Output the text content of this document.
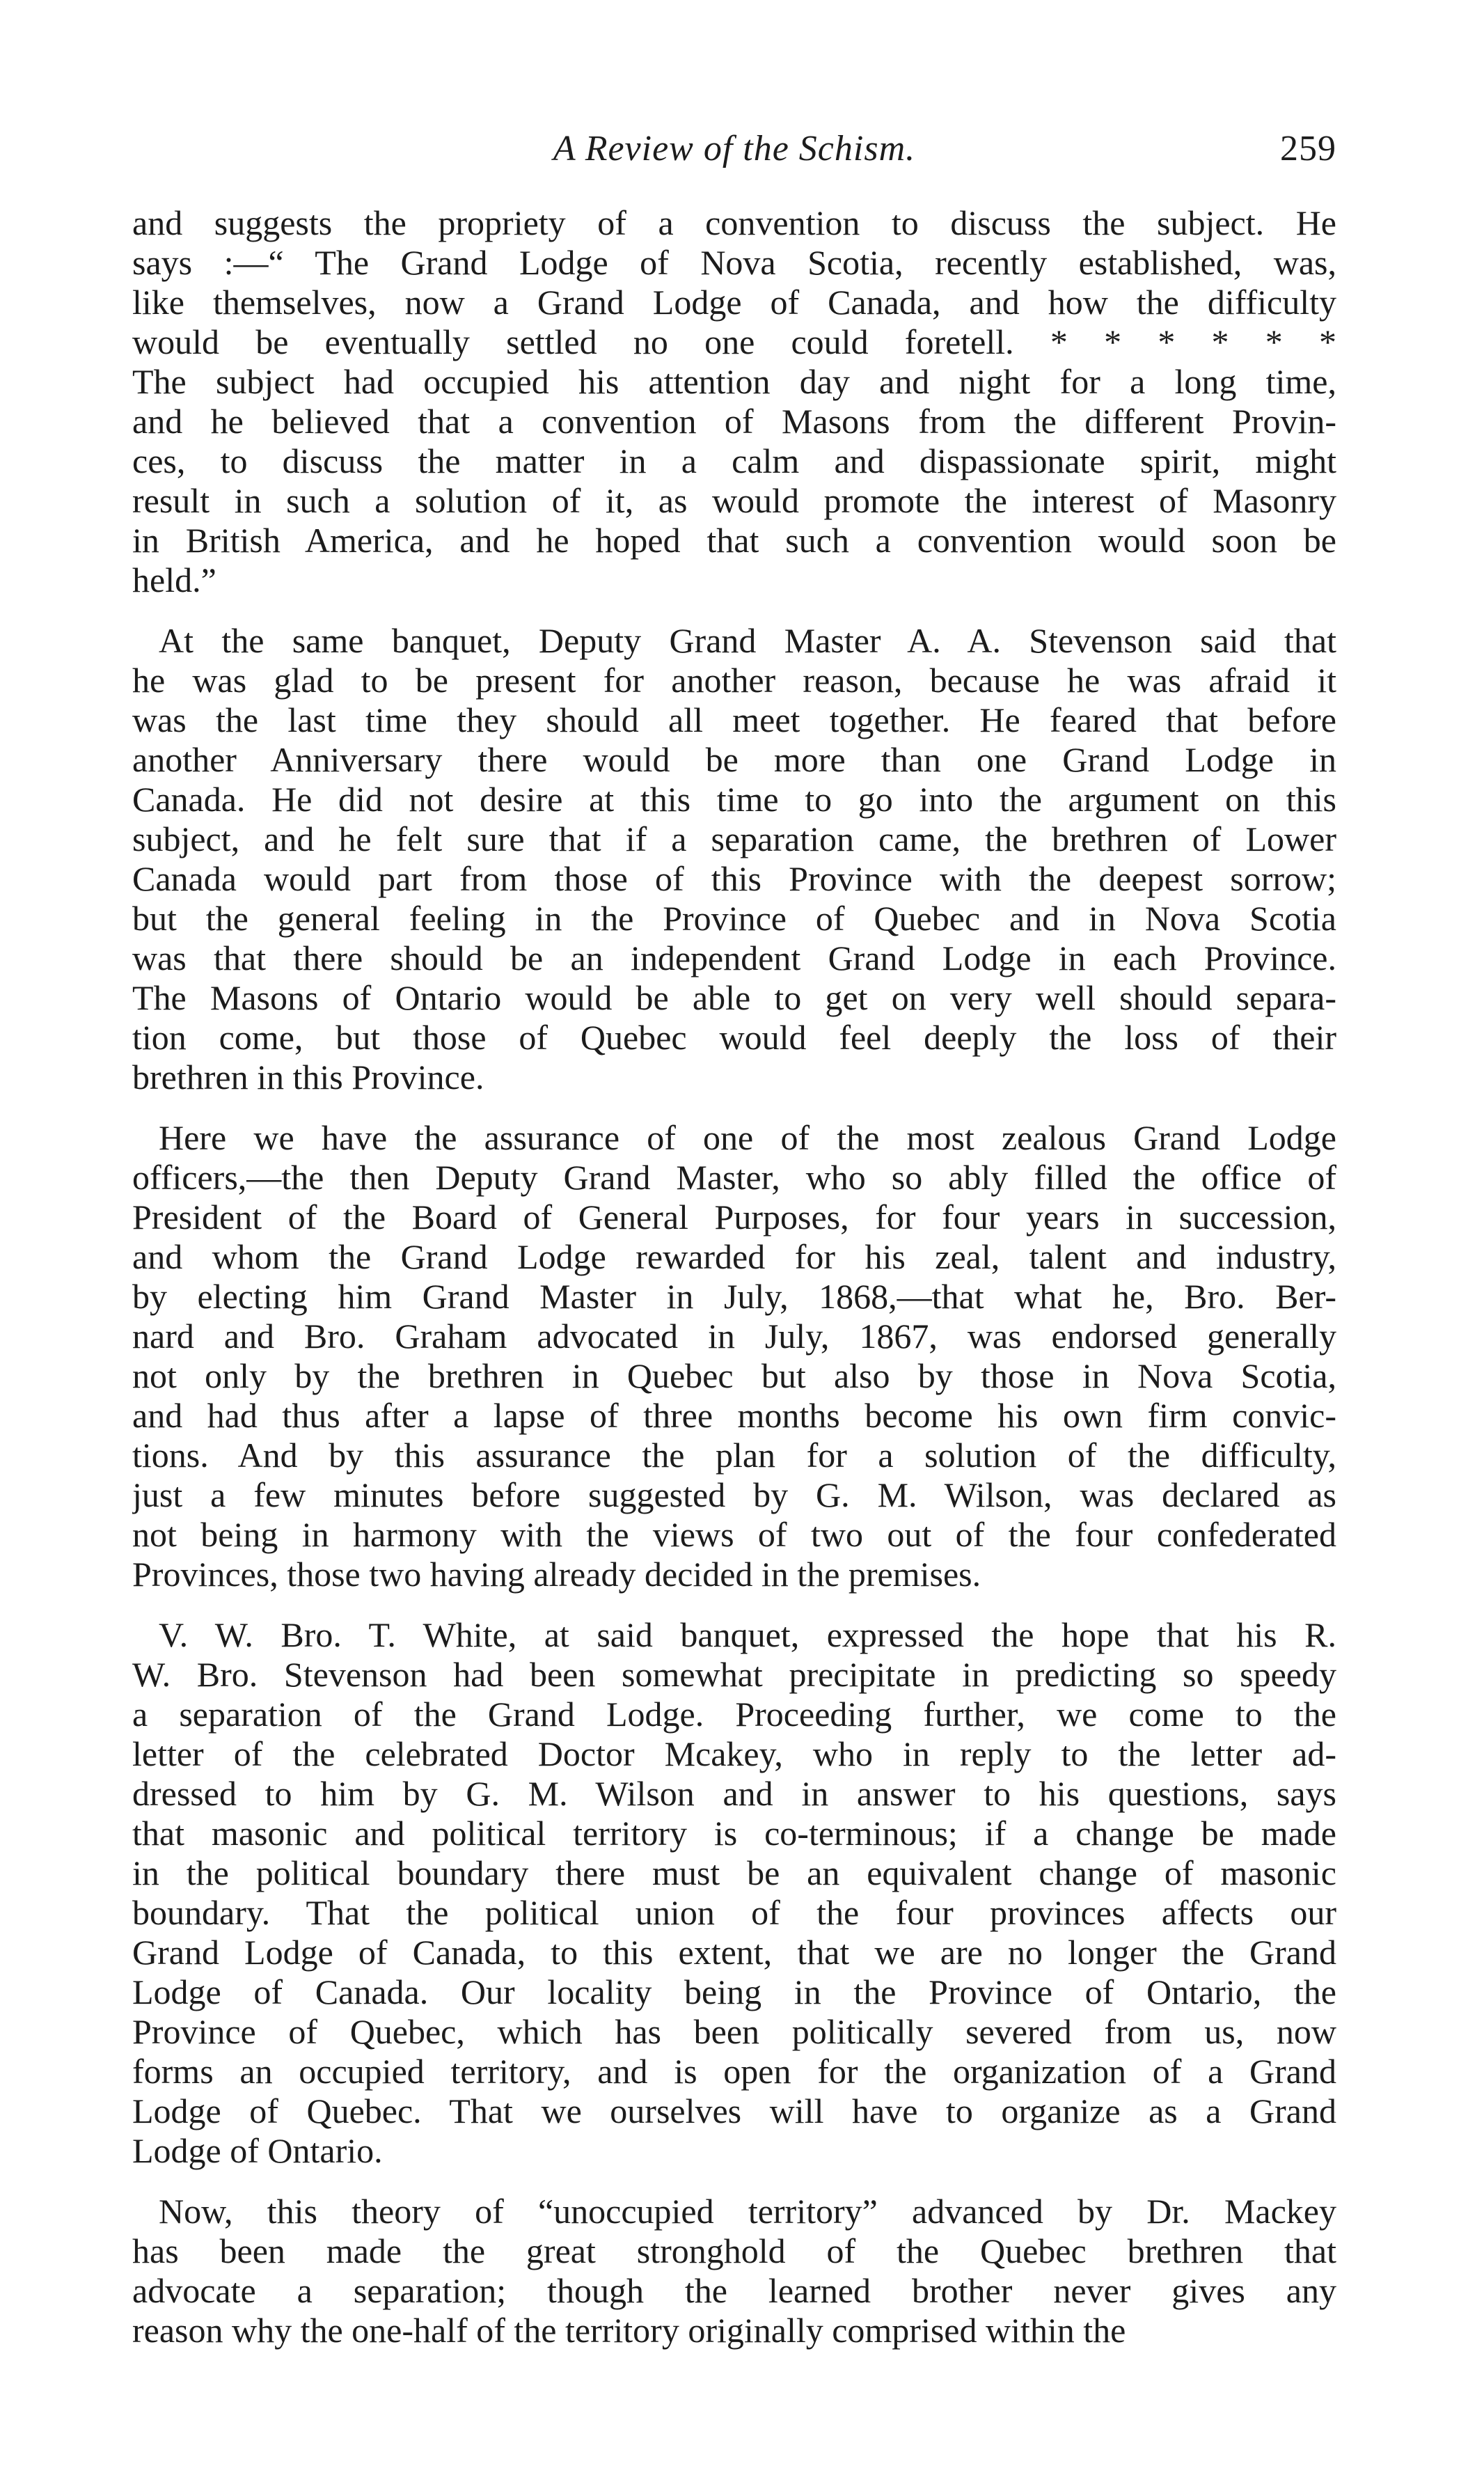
A Review of the Schism.	259
and suggests the propriety of a convention to discuss the subject. He
says :—“ The Grand Lodge of Nova Scotia, recently established, was,
like themselves, now a Grand Lodge of Canada, and how the difficulty
would be eventually settled no one could foretell. * * * * * *
The subject had occupied his attention day and night for a long time,
and he believed that a convention of Masons from the different Provin-
ces, to discuss the matter in a calm and dispassionate spirit, might
result in such a solution of it, as would promote the interest of Masonry
in British America, and he hoped that such a convention would soon be
held.”
At the same banquet, Deputy Grand Master A. A. Stevenson said that
he was glad to be present for another reason, because he was afraid it
was the last time they should all meet together. He feared that before
another Anniversary there would be more than one Grand Lodge in
Canada. He did not desire at this time to go into the argument on this
subject, and he felt sure that if a separation came, the brethren of Lower
Canada would part from those of this Province with the deepest sorrow;
but the general feeling in the Province of Quebec and in Nova Scotia
was that there should be an independent Grand Lodge in each Province.
The Masons of Ontario would be able to get on very well should separa-
tion come, but those of Quebec would feel deeply the loss of their
brethren in this Province.
Here we have the assurance of one of the most zealous Grand Lodge
officers,—the then Deputy Grand Master, who so ably filled the office of
President of the Board of General Purposes, for four years in succession,
and whom the Grand Lodge rewarded for his zeal, talent and industry,
by electing him Grand Master in July, 1868,—that what he, Bro. Ber-
nard and Bro. Graham advocated in July, 1867, was endorsed generally
not only by the brethren in Quebec but also by those in Nova Scotia,
and had thus after a lapse of three months become his own firm convic-
tions. And by this assurance the plan for a solution of the difficulty,
just a few minutes before suggested by G. M. Wilson, was declared as
not being in harmony with the views of two out of the four confederated
Provinces, those two having already decided in the premises.
V. W. Bro. T. White, at said banquet, expressed the hope that his R.
W. Bro. Stevenson had been somewhat precipitate in predicting so speedy
a separation of the Grand Lodge. Proceeding further, we come to the
letter of the celebrated Doctor Mcakey, who in reply to the letter ad-
dressed to him by G. M. Wilson and in answer to his questions, says
that masonic and political territory is co-terminous; if a change be made
in the political boundary there must be an equivalent change of masonic
boundary. That the political union of the four provinces affects our
Grand Lodge of Canada, to this extent, that we are no longer the Grand
Lodge of Canada. Our locality being in the Province of Ontario, the
Province of Quebec, which has been politically severed from us, now
forms an occupied territory, and is open for the organization of a Grand
Lodge of Quebec. That we ourselves will have to organize as a Grand
Lodge of Ontario.
Now, this theory of “unoccupied territory” advanced by Dr. Mackey
has been made the great stronghold of the Quebec brethren that
advocate a separation; though the learned brother never gives any
reason why the one-half of the territory originally comprised within the
